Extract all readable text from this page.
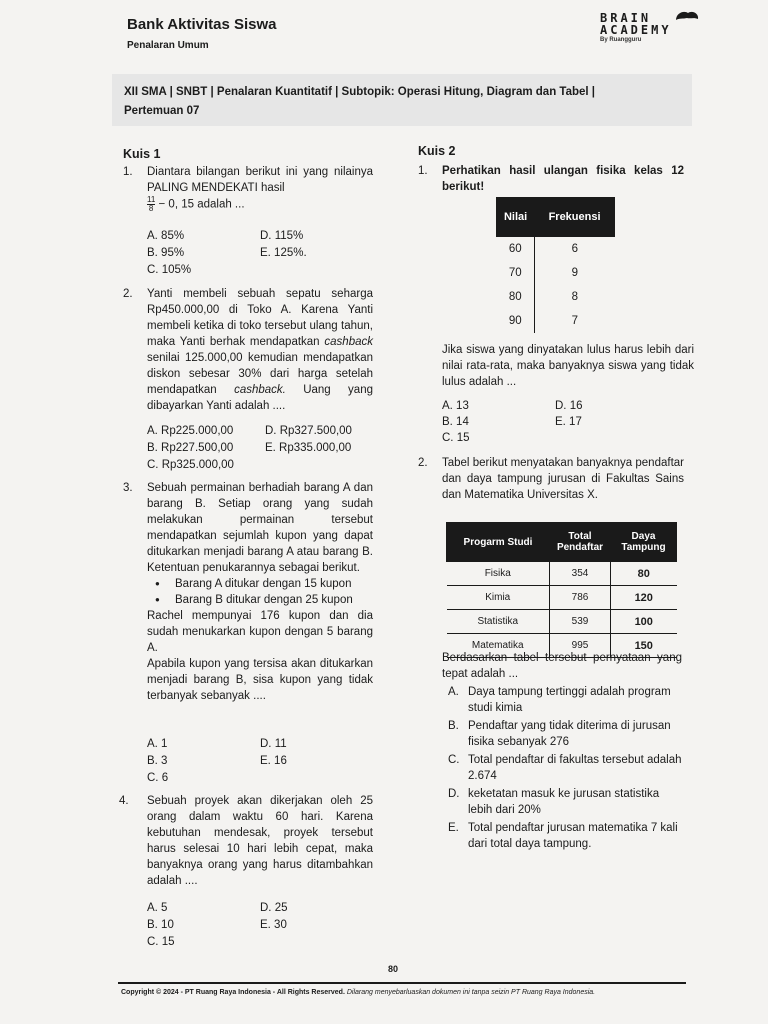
Bank Aktivitas Siswa
Penalaran Umum
BRAIN
ACADEMY
By Ruangguru
XII SMA | SNBT | Penalaran Kuantitatif | Subtopik: Operasi Hitung, Diagram dan Tabel |
Pertemuan 07
Kuis 1
1. Diantara bilangan berikut ini yang nilainya PALING MENDEKATI hasil
$\frac{11}{8} - 0$, 15 adalah ...
A. 85%	D. 115%
B. 95%	E. 125%.
C. 105%
2. Yanti membeli sebuah sepatu seharga Rp450.000,00 di Toko A. Karena Yanti membeli ketika di toko tersebut ulang tahun, maka Yanti berhak mendapatkan cashback senilai 125.000,00 kemudian mendapatkan diskon sebesar 30% dari harga setelah mendapatkan cashback. Uang yang dibayarkan Yanti adalah ....
A. Rp225.000,00	D. Rp327.500,00
B. Rp227.500,00	E. Rp335.000,00
C. Rp325.000,00
3. Sebuah permainan berhadiah barang A dan barang B. Setiap orang yang sudah melakukan permainan tersebut mendapatkan sejumlah kupon yang dapat ditukarkan menjadi barang A atau barang B. Ketentuan penukarannya sebagai berikut.
● Barang A ditukar dengan 15 kupon
● Barang B ditukar dengan 25 kupon
Rachel mempunyai 176 kupon dan dia sudah menukarkan kupon dengan 5 barang A.
Apabila kupon yang tersisa akan ditukarkan menjadi barang B, sisa kupon yang tidak terbanyak sebanyak ....
A. 1	D. 11
B. 3	E. 16
C. 6
4. Sebuah proyek akan dikerjakan oleh 25 orang dalam waktu 60 hari. Karena kebutuhan mendesak, proyek tersebut harus selesai 10 hari lebih cepat, maka banyaknya orang yang harus ditambahkan adalah ....
A. 5	D. 25
B. 10	E. 30
C. 15
Kuis 2
1. Perhatikan hasil ulangan fisika kelas 12 berikut!
Nilai	Frekuensi
60	6
70	9
80	8
90	7
Jika siswa yang dinyatakan lulus harus lebih dari nilai rata-rata, maka banyaknya siswa yang tidak lulus adalah ...
A. 13	D. 16
B. 14	E. 17
C. 15
2. Tabel berikut menyatakan banyaknya pendaftar dan daya tampung jurusan di Fakultas Sains dan Matematika Universitas X.
Progarm Studi	Total Pendaftar	Daya Tampung
Fisika	354	80
Kimia	786	120
Statistika	539	100
Matematika	995	150
Berdasarkan tabel tersebut pernyataan yang tepat adalah ...
A. Daya tampung tertinggi adalah program studi kimia
B. Pendaftar yang tidak diterima di jurusan fisika sebanyak 276
C. Total pendaftar di fakultas tersebut adalah 2.674
D. keketatan masuk ke jurusan statistika lebih dari 20%
E. Total pendaftar jurusan matematika 7 kali dari total daya tampung.
80
Copyright © 2024 - PT Ruang Raya Indonesia - All Rights Reserved. Dilarang menyebarluaskan dokumen ini tanpa seizin PT Ruang Raya Indonesia.
